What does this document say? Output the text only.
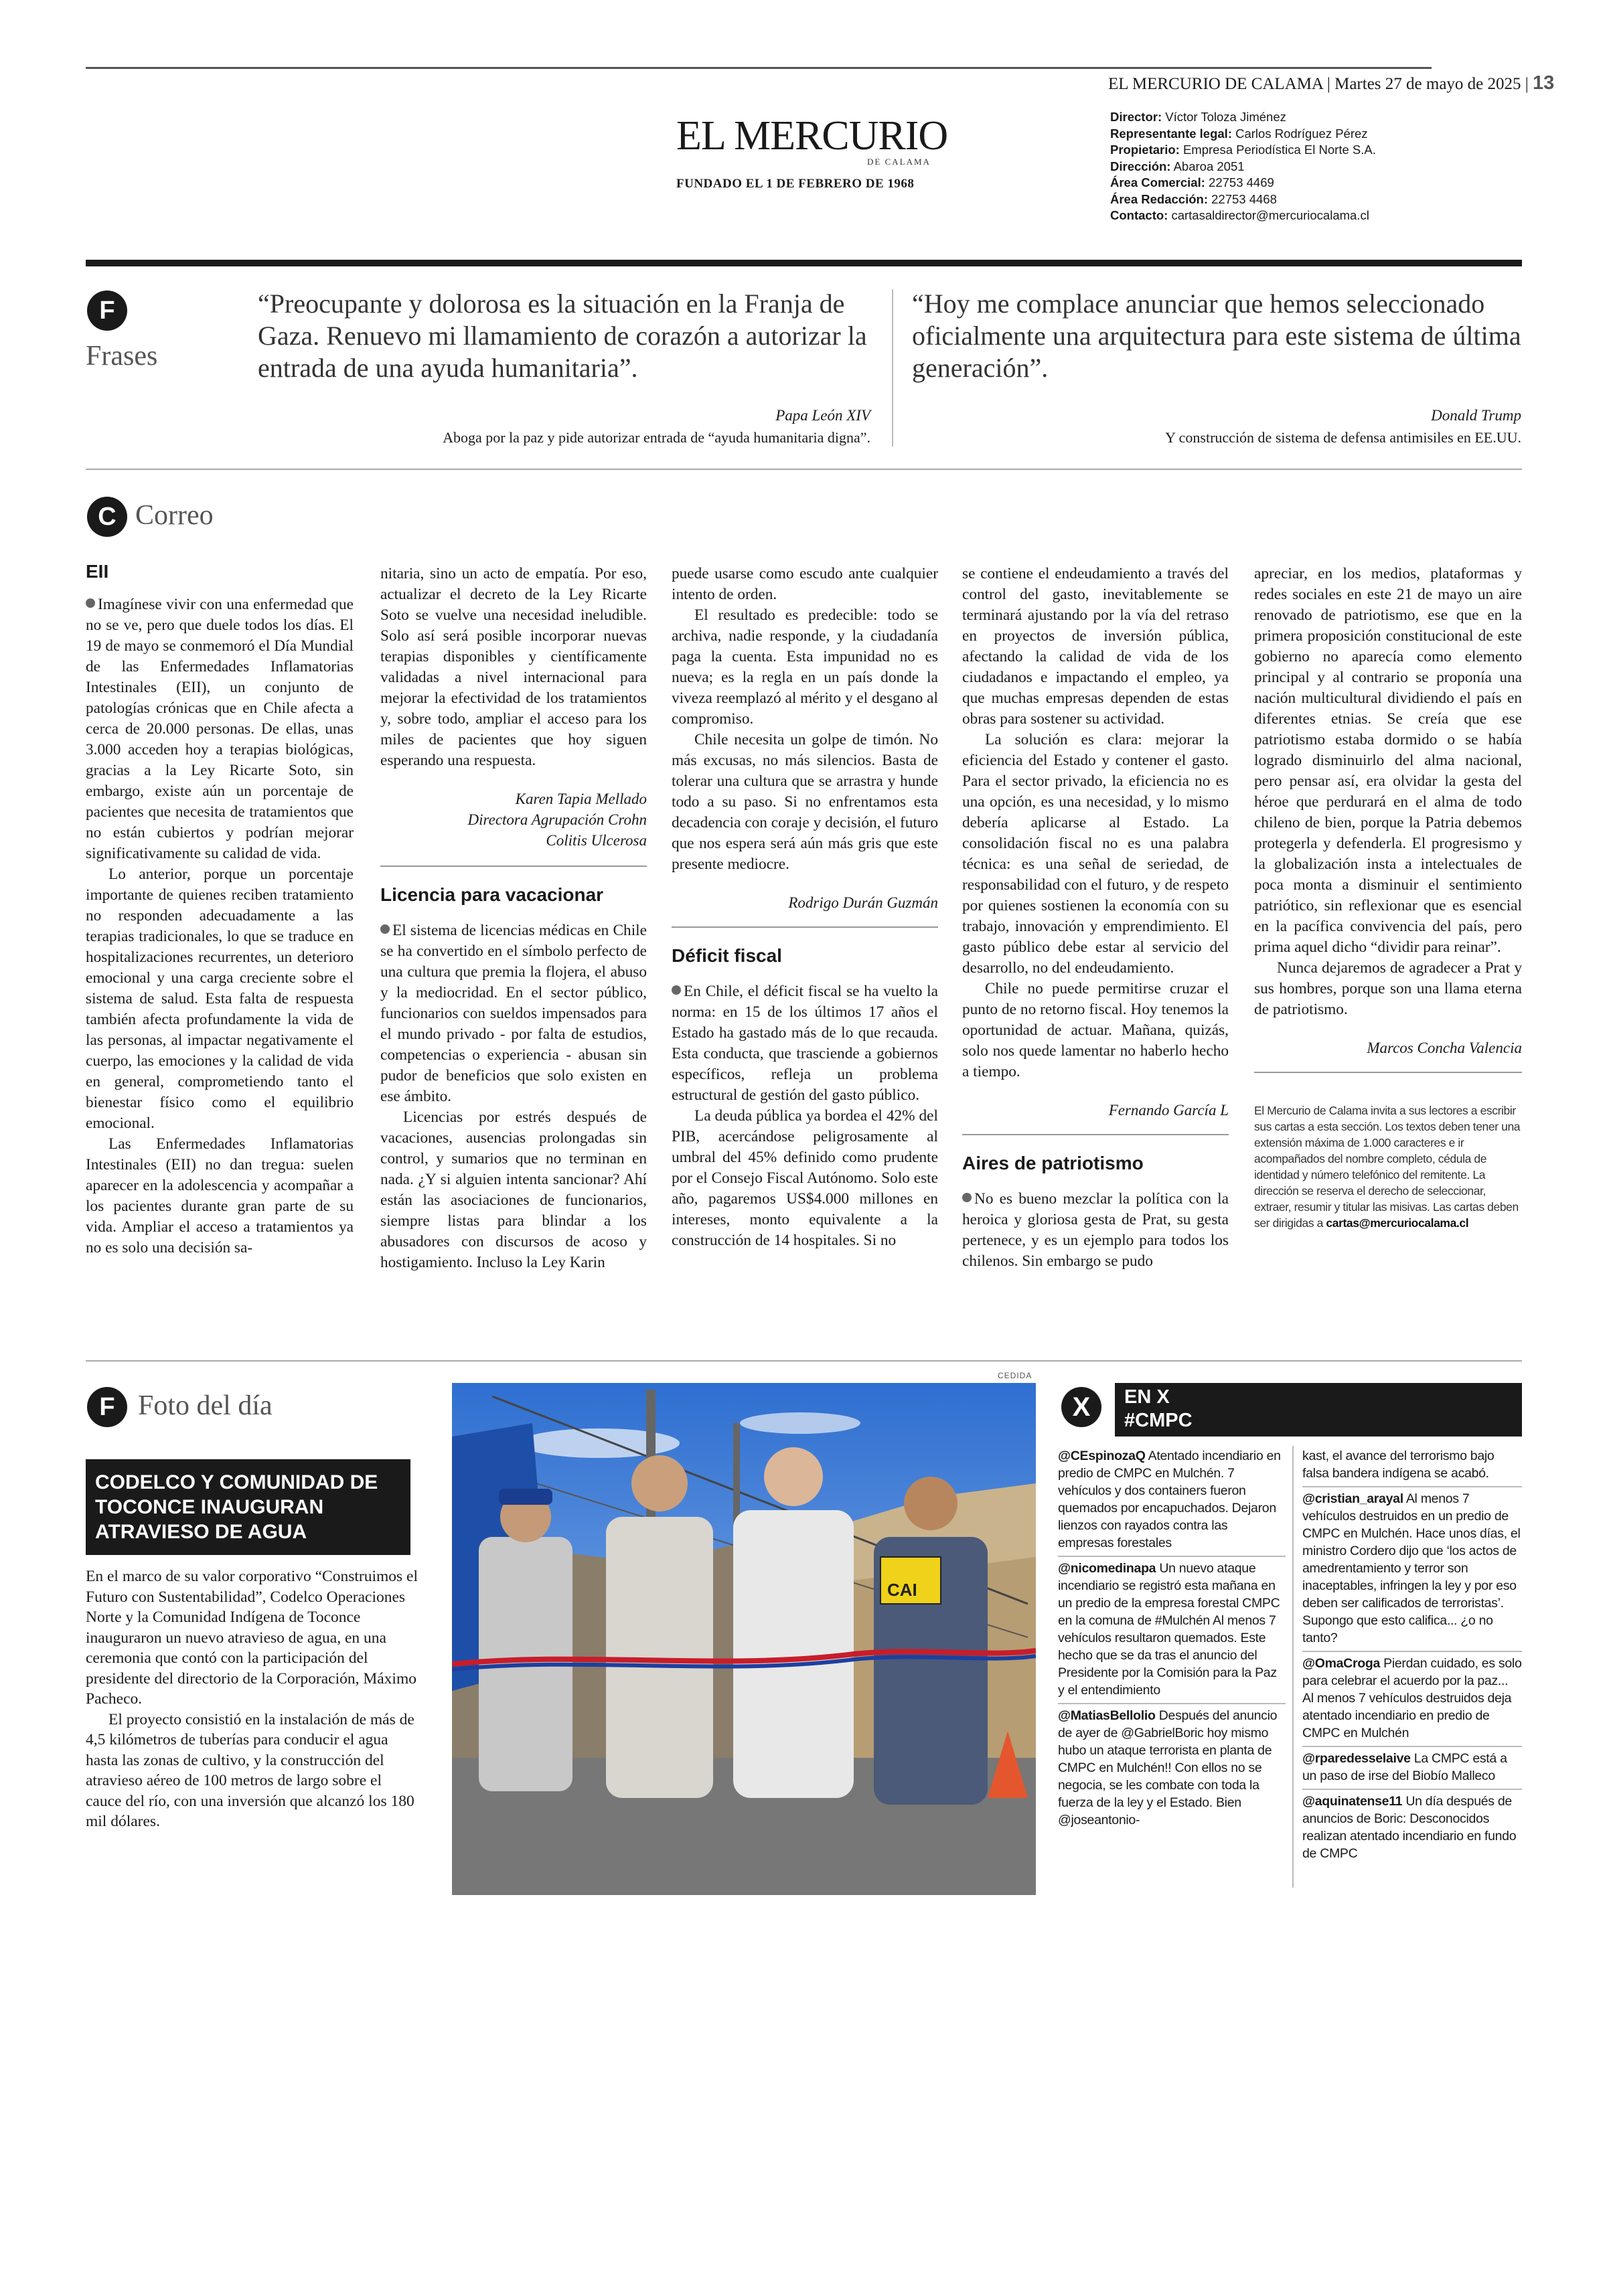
EL MERCURIO DE CALAMA | Martes 27 de mayo de 2025 | 13
EL MERCURIO
DE CALAMA
FUNDADO EL 1 DE FEBRERO DE 1968
Director: Víctor Toloza Jiménez
Representante legal: Carlos Rodríguez Pérez
Propietario: Empresa Periodística El Norte S.A.
Dirección: Abaroa 2051
Área Comercial: 22753 4469
Área Redacción: 22753 4468
Contacto: cartasaldirector@mercuriocalama.cl
F
Frases
“Preocupante y dolorosa es la situación en la Franja de Gaza. Renuevo mi llamamiento de corazón a autorizar la entrada de una ayuda humanitaria”.
Papa León XIV
Aboga por la paz y pide autorizar entrada de “ayuda humanitaria digna”.
“Hoy me complace anunciar que hemos seleccionado oficialmente una arquitectura para este sistema de última generación”.
Donald Trump
Y construcción de sistema de defensa antimisiles en EE.UU.
C Correo
EII

Imagínese vivir con una enfermedad que no se ve, pero que duele todos los días. El 19 de mayo se conmemoró el Día Mundial de las Enfermedades Inflamatorias Intestinales (EII), un conjunto de patologías crónicas que en Chile afecta a cerca de 20.000 personas. De ellas, unas 3.000 acceden hoy a terapias biológicas, gracias a la Ley Ricarte Soto, sin embargo, existe aún un porcentaje de pacientes que necesita de tratamientos que no están cubiertos y podrían mejorar significativamente su calidad de vida.

Lo anterior, porque un porcentaje importante de quienes reciben tratamiento no responden adecuadamente a las terapias tradicionales, lo que se traduce en hospitalizaciones recurrentes, un deterioro emocional y una carga creciente sobre el sistema de salud. Esta falta de respuesta también afecta profundamente la vida de las personas, al impactar negativamente el cuerpo, las emociones y la calidad de vida en general, comprometiendo tanto el bienestar físico como el equilibrio emocional.

Las Enfermedades Inflamatorias Intestinales (EII) no dan tregua: suelen aparecer en la adolescencia y acompañar a los pacientes durante gran parte de su vida. Ampliar el acceso a tratamientos ya no es solo una decisión sa-

nitaria, sino un acto de empatía. Por eso, actualizar el decreto de la Ley Ricarte Soto se vuelve una necesidad ineludible. Solo así será posible incorporar nuevas terapias disponibles y científicamente validadas a nivel internacional para mejorar la efectividad de los tratamientos y, sobre todo, ampliar el acceso para los miles de pacientes que hoy siguen esperando una respuesta.

Karen Tapia Mellado
Directora Agrupación Crohn
Colitis Ulcerosa
Licencia para vacacionar

El sistema de licencias médicas en Chile se ha convertido en el símbolo perfecto de una cultura que premia la flojera, el abuso y la mediocridad. En el sector público, funcionarios con sueldos impensados para el mundo privado - por falta de estudios, competencias o experiencia - abusan sin pudor de beneficios que solo existen en ese ámbito.

Licencias por estrés después de vacaciones, ausencias prolongadas sin control, y sumarios que no terminan en nada. ¿Y si alguien intenta sancionar? Ahí están las asociaciones de funcionarios, siempre listas para blindar a los abusadores con discursos de acoso y hostigamiento. Incluso la Ley Karin

puede usarse como escudo ante cualquier intento de orden.

El resultado es predecible: todo se archiva, nadie responde, y la ciudadanía paga la cuenta. Esta impunidad no es nueva; es la regla en un país donde la viveza reemplazó al mérito y el desgano al compromiso.

Chile necesita un golpe de timón. No más excusas, no más silencios. Basta de tolerar una cultura que se arrastra y hunde todo a su paso. Si no enfrentamos esta decadencia con coraje y decisión, el futuro que nos espera será aún más gris que este presente mediocre.

Rodrigo Durán Guzmán
Déficit fiscal

En Chile, el déficit fiscal se ha vuelto la norma: en 15 de los últimos 17 años el Estado ha gastado más de lo que recauda. Esta conducta, que trasciende a gobiernos específicos, refleja un problema estructural de gestión del gasto público.

La deuda pública ya bordea el 42% del PIB, acercándose peligrosamente al umbral del 45% definido como prudente por el Consejo Fiscal Autónomo. Solo este año, pagaremos US$4.000 millones en intereses, monto equivalente a la construcción de 14 hospitales. Si no

se contiene el endeudamiento a través del control del gasto, inevitablemente se terminará ajustando por la vía del retraso en proyectos de inversión pública, afectando la calidad de vida de los ciudadanos e impactando el empleo, ya que muchas empresas dependen de estas obras para sostener su actividad.

La solución es clara: mejorar la eficiencia del Estado y contener el gasto. Para el sector privado, la eficiencia no es una opción, es una necesidad, y lo mismo debería aplicarse al Estado. La consolidación fiscal no es una palabra técnica: es una señal de seriedad, de responsabilidad con el futuro, y de respeto por quienes sostienen la economía con su trabajo, innovación y emprendimiento. El gasto público debe estar al servicio del desarrollo, no del endeudamiento.

Chile no puede permitirse cruzar el punto de no retorno fiscal. Hoy tenemos la oportunidad de actuar. Mañana, quizás, solo nos quede lamentar no haberlo hecho a tiempo.

Fernando García L
Aires de patriotismo

No es bueno mezclar la política con la heroica y gloriosa gesta de Prat, su gesta pertenece, y es un ejemplo para todos los chilenos. Sin embargo se pudo

apreciar, en los medios, plataformas y redes sociales en este 21 de mayo un aire renovado de patriotismo, ese que en la primera proposición constitucional de este gobierno no aparecía como elemento principal y al contrario se proponía una nación multicultural dividiendo el país en diferentes etnias. Se creía que ese patriotismo estaba dormido o se había logrado disminuirlo del alma nacional, pero pensar así, era olvidar la gesta del héroe que perdurará en el alma de todo chileno de bien, porque la Patria debemos protegerla y defenderla. El progresismo y la globalización insta a intelectuales de poca monta a disminuir el sentimiento patriótico, sin reflexionar que es esencial en la pacífica convivencia del país, pero prima aquel dicho “dividir para reinar”.

Nunca dejaremos de agradecer a Prat y sus hombres, porque son una llama eterna de patriotismo.

Marcos Concha Valencia
El Mercurio de Calama invita a sus lectores a escribir sus cartas a esta sección. Los textos deben tener una extensión máxima de 1.000 caracteres e ir acompañados del nombre completo, cédula de identidad y número telefónico del remitente. La dirección se reserva el derecho de seleccionar, extraer, resumir y titular las misivas. Las cartas deben ser dirigidas a cartas@mercuriocalama.cl
F Foto del día
CODELCO Y COMUNIDAD DE TOCONCE INAUGURAN ATRAVIESO DE AGUA

En el marco de su valor corporativo “Construimos el Futuro con Sustentabilidad”, Codelco Operaciones Norte y la Comunidad Indígena de Toconce inauguraron un nuevo atravieso de agua, en una ceremonia que contó con la participación del presidente del directorio de la Corporación, Máximo Pacheco.

El proyecto consistió en la instalación de más de 4,5 kilómetros de tuberías para conducir el agua hasta las zonas de cultivo, y la construcción del atravieso aéreo de 100 metros de largo sobre el cauce del río, con una inversión que alcanzó los 180 mil dólares.

CEDIDA
CAI
X	EN X
#CMPC
@CEspinozaQ Atentado incendiario en predio de CMPC en Mulchén. 7 vehículos y dos containers fueron quemados por encapuchados. Dejaron lienzos con rayados contra las empresas forestales
@nicomedinapa Un nuevo ataque incendiario se registró esta mañana en un predio de la empresa forestal CMPC en la comuna de #Mulchén Al menos 7 vehículos resultaron quemados. Este hecho que se da tras el anuncio del Presidente por la Comisión para la Paz y el entendimiento
@MatiasBellolio Después del anuncio de ayer de @GabrielBoric hoy mismo hubo un ataque terrorista en planta de CMPC en Mulchén!! Con ellos no se negocia, se les combate con toda la fuerza de la ley y el Estado. Bien @joseantonio-
kast, el avance del terrorismo bajo falsa bandera indígena se acabó.
@cristian_arayal Al menos 7 vehículos destruidos en un predio de CMPC en Mulchén. Hace unos días, el ministro Cordero dijo que ‘los actos de amedrentamiento y terror son inaceptables, infringen la ley y por eso deben ser calificados de terroristas’. Supongo que esto califica... ¿o no tanto?
@OmaCroga Pierdan cuidado, es solo para celebrar el acuerdo por la paz... Al menos 7 vehículos destruidos deja atentado incendiario en predio de CMPC en Mulchén
@rparedesselaive La CMPC está a un paso de irse del Biobío Malleco
@aquinatense11 Un día después de anuncios de Boric: Desconocidos realizan atentado incendiario en fundo de CMPC
